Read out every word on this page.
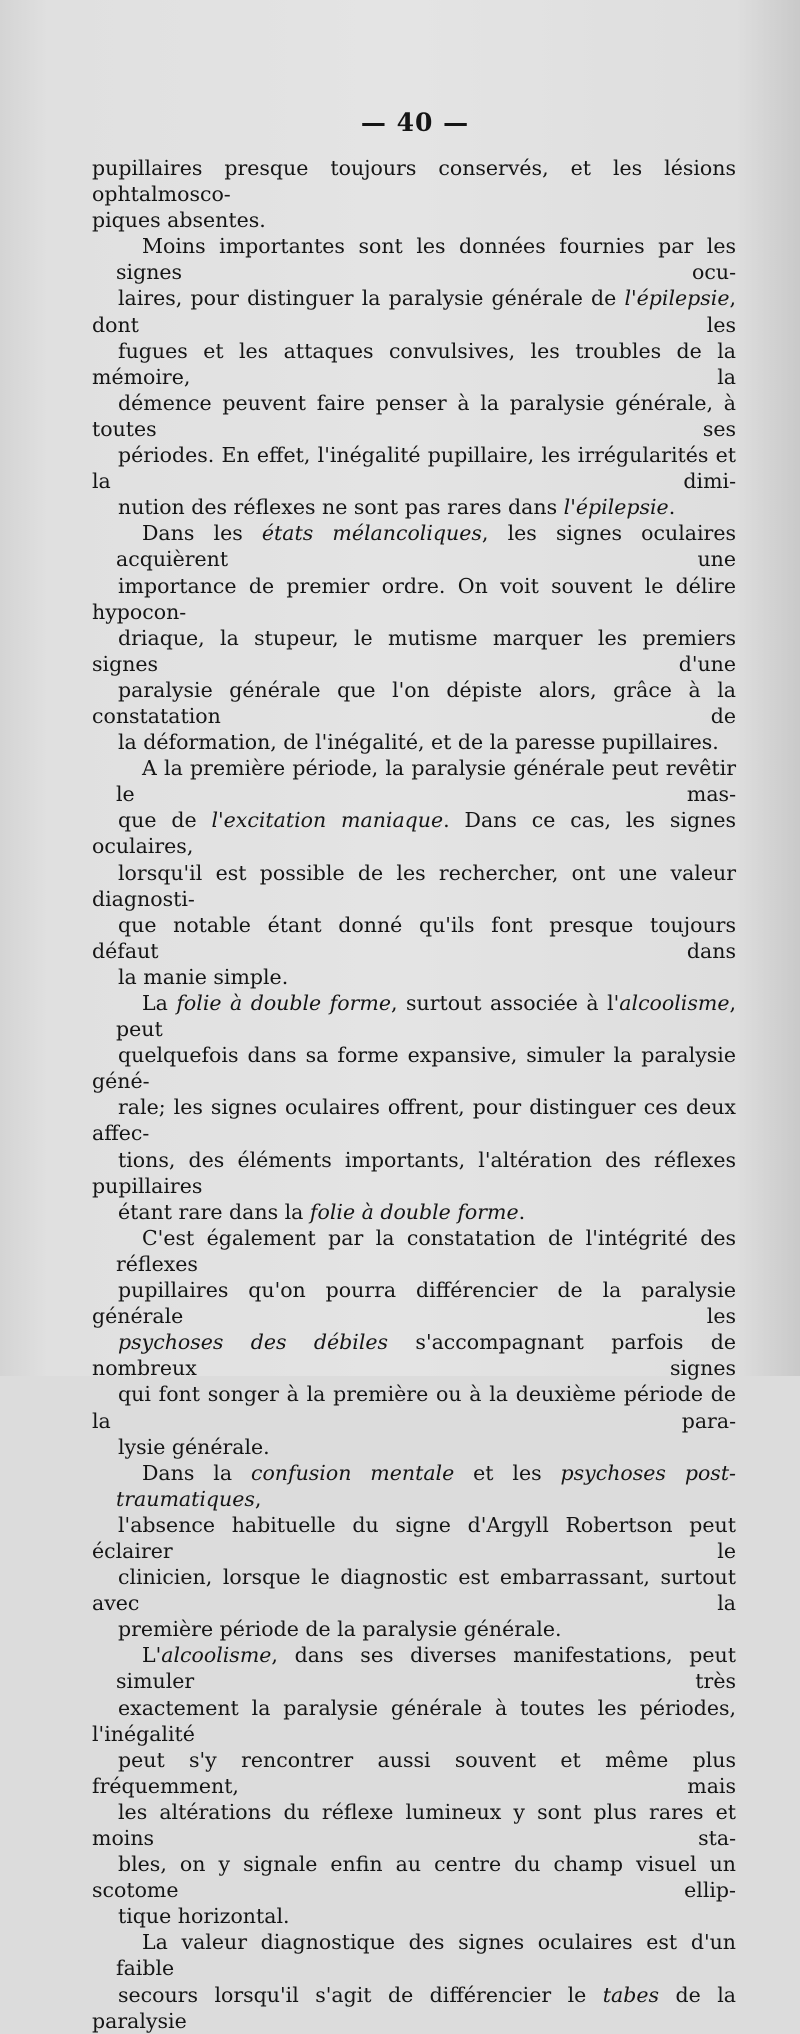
— 40 —

pupillaires presque toujours conservés, et les lésions ophtalmosco-
piques absentes.

Moins importantes sont les données fournies par les signes ocu-
laires, pour distinguer la paralysie générale de l'épilepsie, dont les
fugues et les attaques convulsives, les troubles de la mémoire, la
démence peuvent faire penser à la paralysie générale, à toutes ses
périodes. En effet, l'inégalité pupillaire, les irrégularités et la dimi-
nution des réflexes ne sont pas rares dans l'épilepsie.

Dans les états mélancoliques, les signes oculaires acquièrent une
importance de premier ordre. On voit souvent le délire hypocon-
driaque, la stupeur, le mutisme marquer les premiers signes d'une
paralysie générale que l'on dépiste alors, grâce à la constatation de
la déformation, de l'inégalité, et de la paresse pupillaires.

A la première période, la paralysie générale peut revêtir le mas-
que de l'excitation maniaque. Dans ce cas, les signes oculaires,
lorsqu'il est possible de les rechercher, ont une valeur diagnosti-
que notable étant donné qu'ils font presque toujours défaut dans
la manie simple.

La folie à double forme, surtout associée à l'alcoolisme, peut
quelquefois dans sa forme expansive, simuler la paralysie géné-
rale; les signes oculaires offrent, pour distinguer ces deux affec-
tions, des éléments importants, l'altération des réflexes pupillaires
étant rare dans la folie à double forme.

C'est également par la constatation de l'intégrité des réflexes
pupillaires qu'on pourra différencier de la paralysie générale les
psychoses des débiles s'accompagnant parfois de nombreux signes
qui font songer à la première ou à la deuxième période de la para-
lysie générale.

Dans la confusion mentale et les psychoses post-traumatiques,
l'absence habituelle du signe d'Argyll Robertson peut éclairer le
clinicien, lorsque le diagnostic est embarrassant, surtout avec la
première période de la paralysie générale.

L'alcoolisme, dans ses diverses manifestations, peut simuler très
exactement la paralysie générale à toutes les périodes, l'inégalité
peut s'y rencontrer aussi souvent et même plus fréquemment, mais
les altérations du réflexe lumineux y sont plus rares et moins sta-
bles, on y signale enfin au centre du champ visuel un scotome ellip-
tique horizontal.

La valeur diagnostique des signes oculaires est d'un faible
secours lorsqu'il s'agit de différencier le tabes de la paralysie
